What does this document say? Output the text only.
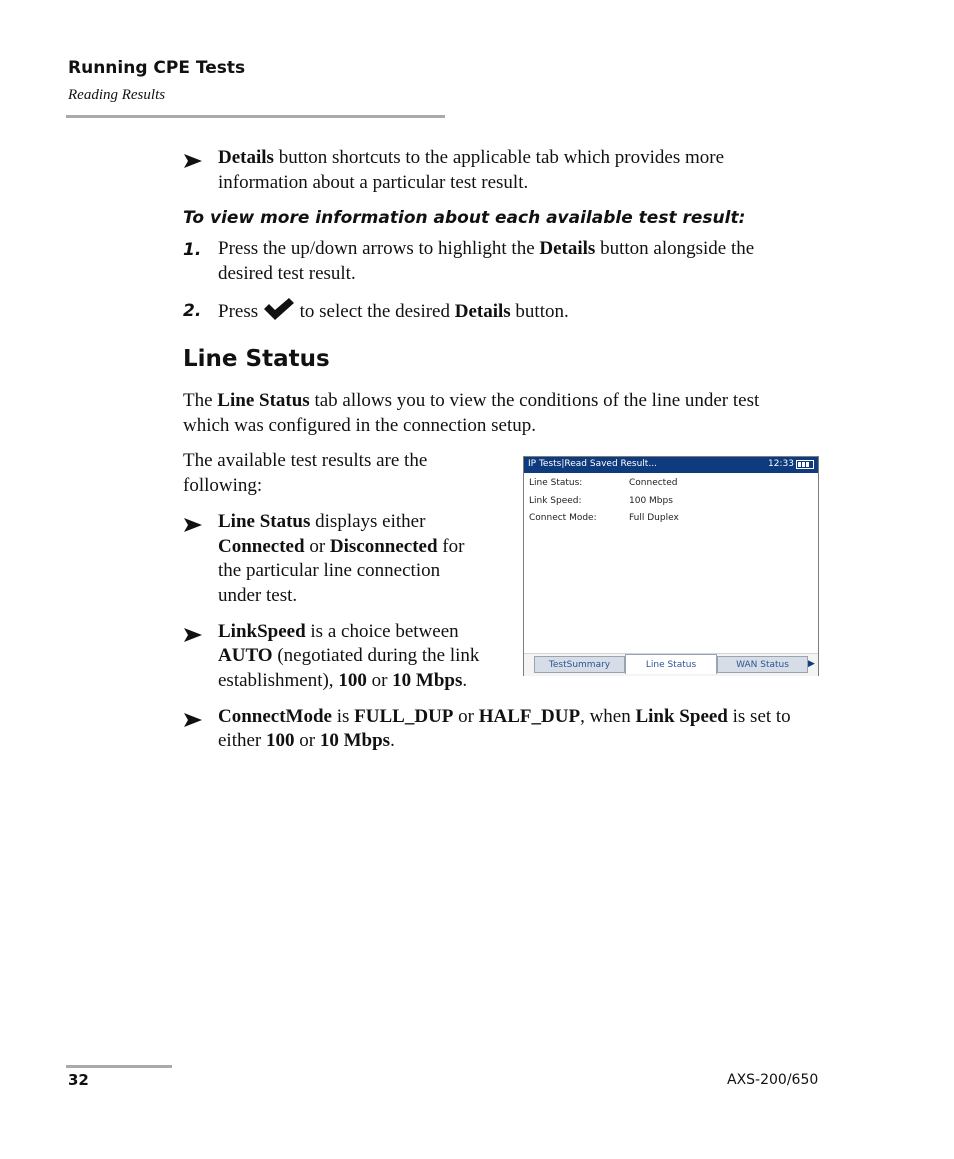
Running CPE Tests
Reading Results
Details button shortcuts to the applicable tab which provides more
information about a particular test result.
To view more information about each available test result:
1. Press the up/down arrows to highlight the Details button alongside the
desired test result.
2. Press  to select the desired Details button.
Line Status
The Line Status tab allows you to view the conditions of the line under test
which was configured in the connection setup.
The available test results are the
following:
Line Status displays either
Connected or Disconnected for
the particular line connection
under test.
LinkSpeed is a choice between
AUTO (negotiated during the link
establishment), 100 or 10 Mbps.
ConnectMode is FULL_DUP or HALF_DUP, when Link Speed is set to
either 100 or 10 Mbps.
IP Tests|Read Saved Result...	12:33
Line Status:	Connected
Link Speed:	100 Mbps
Connect Mode:	Full Duplex
TestSummary	Line Status	WAN Status	▶
32	AXS-200/650
